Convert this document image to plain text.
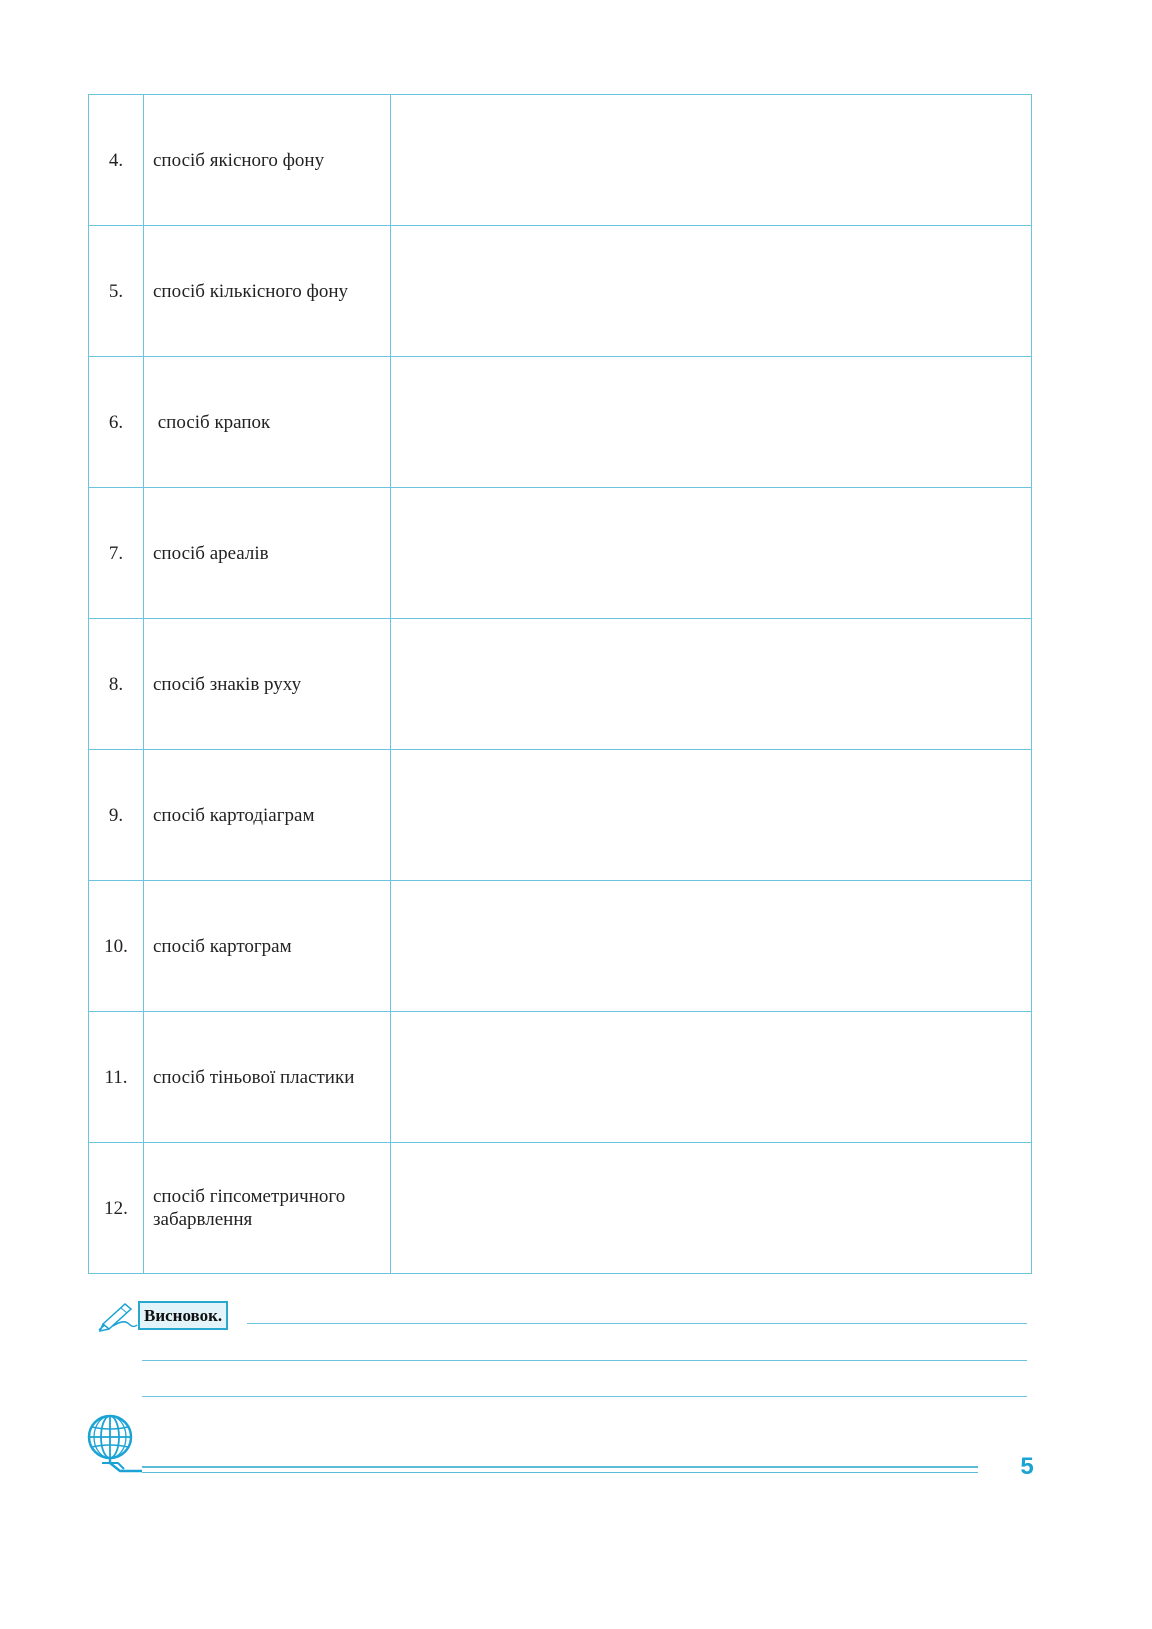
4.	спосіб якісного фону	
5.	спосіб кількісного фону	
6.	спосіб крапок	
7.	спосіб ареалів	
8.	спосіб знаків руху	
9.	спосіб картодіаграм	
10.	спосіб картограм	
11.	спосіб тіньової пластики	
12.	спосіб гіпсометричного забарвлення	
Висновок.
5
